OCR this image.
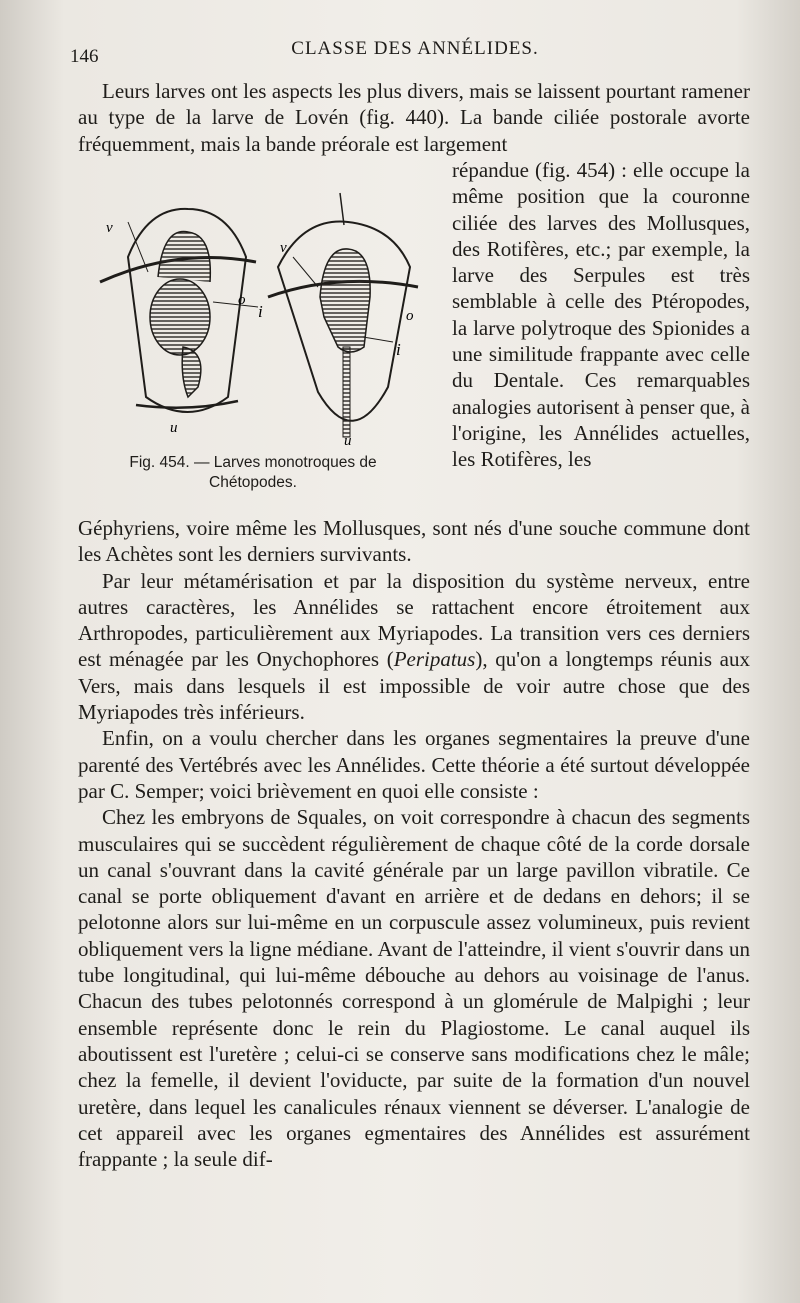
146	CLASSE DES ANNÉLIDES.

Leurs larves ont les aspects les plus divers, mais se laissent pourtant ramener au type de la larve de Lovén (fig. 440). La bande ciliée postorale avorte fréquemment, mais la bande préorale est largement

v
o
i
u
v
o
i
u
Fig. 454. — Larves monotroques de
Chétopodes.
répandue (fig. 454) : elle occupe la même position que la couronne ciliée des larves des Mollusques, des Rotifères, etc.; par exemple, la larve des Serpules est très semblable à celle des Ptéropodes, la larve polytroque des Spionides a une similitude frappante avec celle du Dentale. Ces remarquables analogies autorisent à penser que, à l'origine, les Annélides actuelles, les Rotifères, les

Géphyriens, voire même les Mollusques, sont nés d'une souche commune dont les Achètes sont les derniers survivants.

Par leur métamérisation et par la disposition du système nerveux, entre autres caractères, les Annélides se rattachent encore étroitement aux Arthropodes, particulièrement aux Myriapodes. La transition vers ces derniers est ménagée par les Onychophores (Peripatus), qu'on a longtemps réunis aux Vers, mais dans lesquels il est impossible de voir autre chose que des Myriapodes très inférieurs.

Enfin, on a voulu chercher dans les organes segmentaires la preuve d'une parenté des Vertébrés avec les Annélides. Cette théorie a été surtout développée par C. Semper; voici brièvement en quoi elle consiste :

Chez les embryons de Squales, on voit correspondre à chacun des segments musculaires qui se succèdent régulièrement de chaque côté de la corde dorsale un canal s'ouvrant dans la cavité générale par un large pavillon vibratile. Ce canal se porte obliquement d'avant en arrière et de dedans en dehors; il se pelotonne alors sur lui-même en un corpuscule assez volumineux, puis revient obliquement vers la ligne médiane. Avant de l'atteindre, il vient s'ouvrir dans un tube longitudinal, qui lui-même débouche au dehors au voisinage de l'anus. Chacun des tubes pelotonnés correspond à un glomérule de Malpighi ; leur ensemble représente donc le rein du Plagiostome. Le canal auquel ils aboutissent est l'uretère ; celui-ci se conserve sans modifications chez le mâle; chez la femelle, il devient l'oviducte, par suite de la formation d'un nouvel uretère, dans lequel les canalicules rénaux viennent se déverser. L'analogie de cet appareil avec les organes egmentaires des Annélides est assurément frappante ; la seule dif-
